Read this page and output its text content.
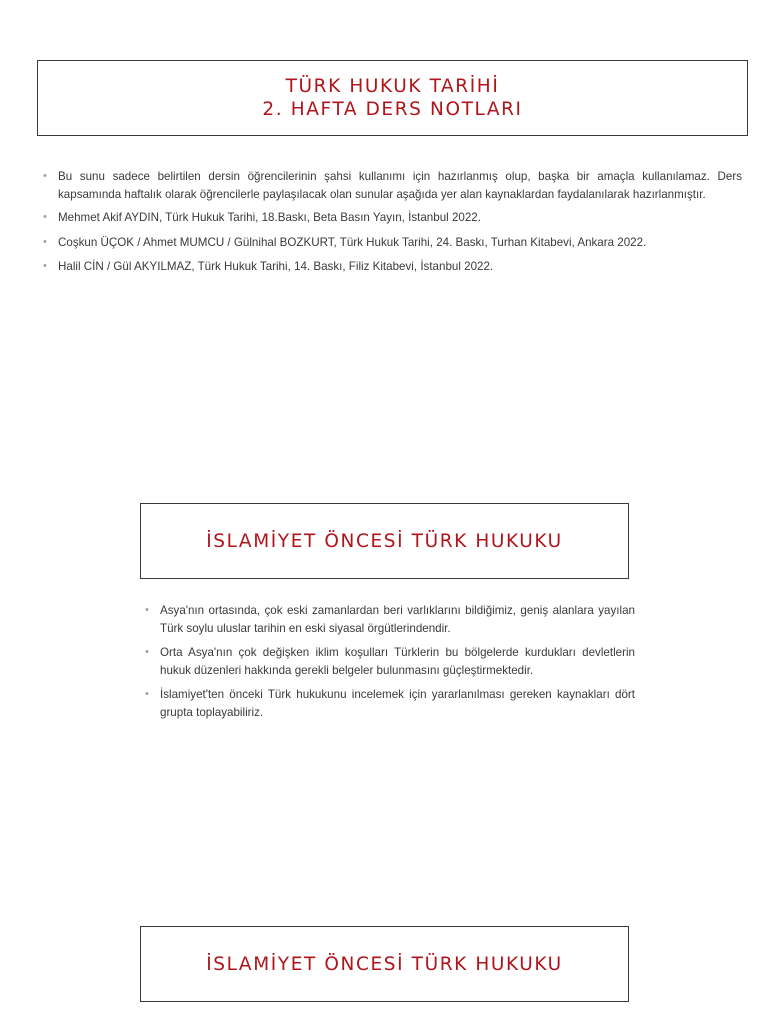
TÜRK HUKUK TARİHİ
2. HAFTA DERS NOTLARI
• Bu sunu sadece belirtilen dersin öğrencilerinin şahsi kullanımı için hazırlanmış olup, başka bir amaçla kullanılamaz. Ders kapsamında haftalık olarak öğrencilerle paylaşılacak olan sunular aşağıda yer alan kaynaklardan faydalanılarak hazırlanmıştır.
• Mehmet Akif AYDIN, Türk Hukuk Tarihi, 18.Baskı, Beta Basın Yayın, İstanbul 2022.
• Coşkun ÜÇOK / Ahmet MUMCU / Gülnihal BOZKURT, Türk Hukuk Tarihi, 24. Baskı, Turhan Kitabevi, Ankara 2022.
• Halil CİN / Gül AKYILMAZ, Türk Hukuk Tarihi, 14. Baskı, Filiz Kitabevi, İstanbul 2022.
İSLAMİYET ÖNCESİ TÜRK HUKUKU
• Asya'nın ortasında, çok eski zamanlardan beri varlıklarını bildiğimiz, geniş alanlara yayılan Türk soylu uluslar tarihin en eski siyasal örgütlerindendir.
• Orta Asya'nın çok değişken iklim koşulları Türklerin bu bölgelerde kurdukları devletlerin hukuk düzenleri hakkında gerekli belgeler bulunmasını güçleştirmektedir.
• İslamiyet'ten önceki Türk hukukunu incelemek için yararlanılması gereken kaynakları dört grupta toplayabiliriz.
İSLAMİYET ÖNCESİ TÜRK HUKUKU
